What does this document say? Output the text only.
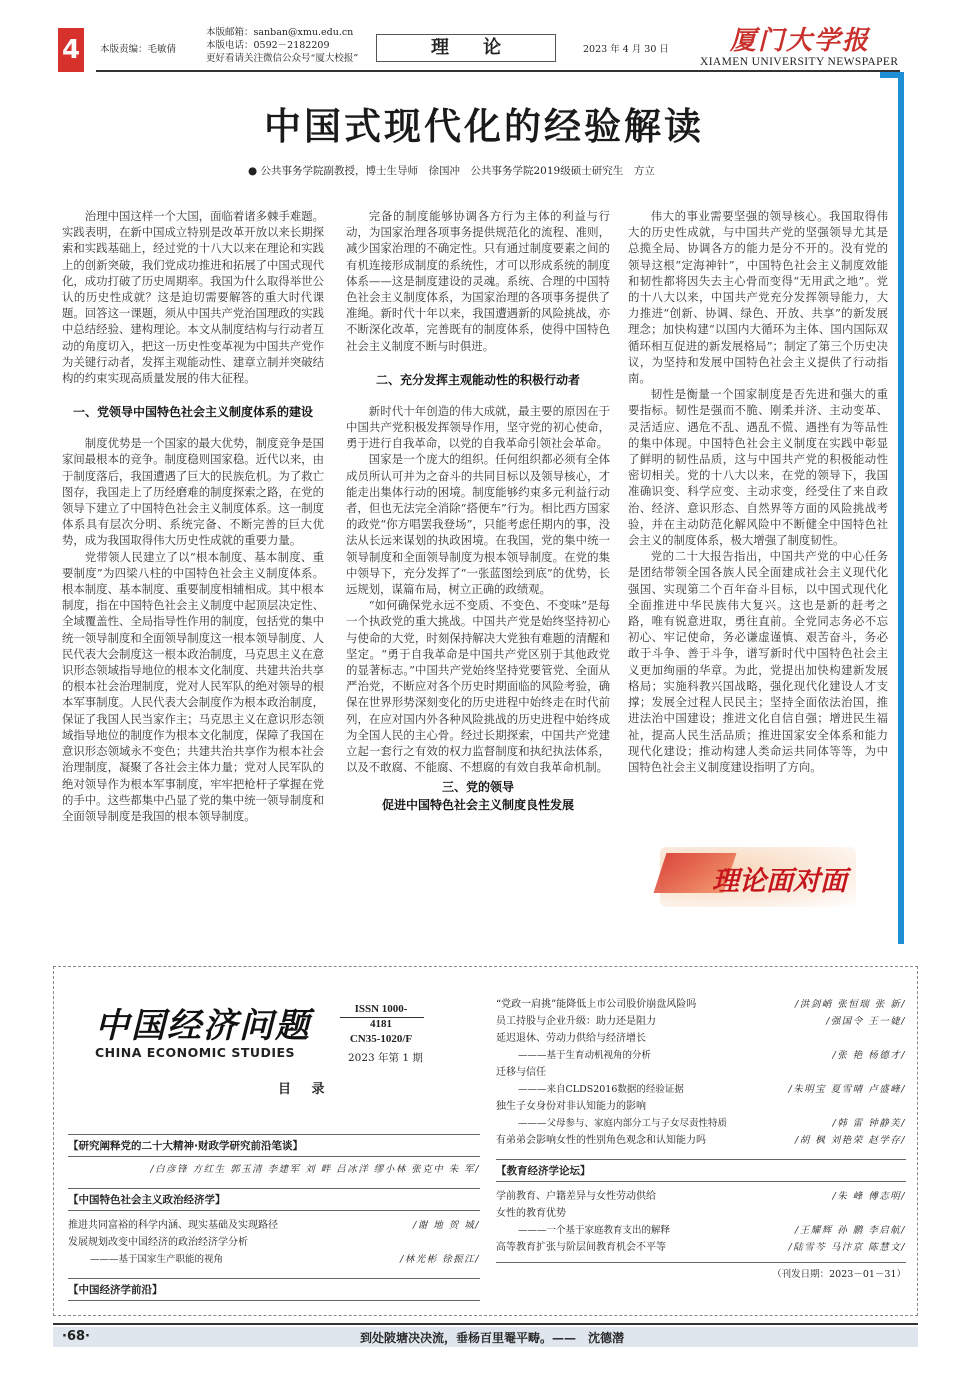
4	本版责编：毛敏倩
本版邮箱：sanban@xmu.edu.cn
本版电话：0592－2182209
更好看请关注微信公众号“厦大校报”
理论	2023 年 4 月 30 日 厦门大学报
XIAMEN UNIVERSITY NEWSPAPER
中国式现代化的经验解读
● 公共事务学院副教授，博士生导师　徐国冲　公共事务学院2019级硕士研究生　方立

治理中国这样一个大国，面临着诸多棘手难题。实践表明，在新中国成立特别是改革开放以来长期探索和实践基础上，经过党的十八大以来在理论和实践上的创新突破，我们党成功推进和拓展了中国式现代化，成功打破了历史周期率。我国为什么取得举世公认的历史性成就？这是迫切需要解答的重大时代课题。回答这一课题，须从中国共产党治国理政的实践中总结经验、建构理论。本文从制度结构与行动者互动的角度切入，把这一历史性变革视为中国共产党作为关键行动者，发挥主观能动性、建章立制并突破结构的约束实现高质量发展的伟大征程。

一、党领导中国特色社会主义制度体系的建设

制度优势是一个国家的最大优势，制度竞争是国家间最根本的竞争。制度稳则国家稳。近代以来，由于制度落后，我国遭遇了巨大的民族危机。为了救亡图存，我国走上了历经磨难的制度探索之路，在党的领导下建立了中国特色社会主义制度体系。这一制度体系具有层次分明、系统完备、不断完善的巨大优势，成为我国取得伟大历史性成就的重要力量。

党带领人民建立了以“根本制度、基本制度、重要制度”为四梁八柱的中国特色社会主义制度体系。根本制度、基本制度、重要制度相辅相成。其中根本制度，指在中国特色社会主义制度中起顶层决定性、全域覆盖性、全局指导性作用的制度，包括党的集中统一领导制度和全面领导制度这一根本领导制度、人民代表大会制度这一根本政治制度，马克思主义在意识形态领域指导地位的根本文化制度、共建共治共享的根本社会治理制度，党对人民军队的绝对领导的根本军事制度。人民代表大会制度作为根本政治制度，保证了我国人民当家作主；马克思主义在意识形态领域指导地位的制度作为根本文化制度，保障了我国在意识形态领域永不变色；共建共治共享作为根本社会治理制度，凝聚了各社会主体力量；党对人民军队的绝对领导作为根本军事制度，牢牢把枪杆子掌握在党的手中。这些都集中凸显了党的集中统一领导制度和全面领导制度是我国的根本领导制度。

完备的制度能够协调各方行为主体的利益与行动，为国家治理各项事务提供规范化的流程、准则，减少国家治理的不确定性。只有通过制度要素之间的有机连接形成制度的系统性，才可以形成系统的制度体系——这是制度建设的灵魂。系统、合理的中国特色社会主义制度体系，为国家治理的各项事务提供了准绳。新时代十年以来，我国遭遇新的风险挑战，亦不断深化改革，完善既有的制度体系，使得中国特色社会主义制度不断与时俱进。

二、充分发挥主观能动性的积极行动者

新时代十年创造的伟大成就，最主要的原因在于中国共产党积极发挥领导作用，坚守党的初心使命，勇于进行自我革命，以党的自我革命引领社会革命。

国家是一个庞大的组织。任何组织都必须有全体成员所认可并为之奋斗的共同目标以及领导核心，才能走出集体行动的困境。制度能够约束多元利益行动者，但也无法完全消除“搭便车”行为。相比西方国家的政党“你方唱罢我登场”，只能考虑任期内的事，没法从长远来谋划的执政困境。在我国，党的集中统一领导制度和全面领导制度为根本领导制度。在党的集中领导下，充分发挥了“一张蓝图绘到底”的优势，长远规划，谋篇布局，树立正确的政绩观。

“如何确保党永远不变质、不变色、不变味”是每一个执政党的重大挑战。中国共产党是始终坚持初心与使命的大党，时刻保持解决大党独有难题的清醒和坚定。“勇于自我革命是中国共产党区别于其他政党的显著标志。”中国共产党始终坚持党要管党、全面从严治党，不断应对各个历史时期面临的风险考验，确保在世界形势深刻变化的历史进程中始终走在时代前列，在应对国内外各种风险挑战的历史进程中始终成为全国人民的主心骨。经过长期探索，中国共产党建立起一套行之有效的权力监督制度和执纪执法体系，以及不敢腐、不能腐、不想腐的有效自我革命机制。

三、党的领导
促进中国特色社会主义制度良性发展

伟大的事业需要坚强的领导核心。我国取得伟大的历史性成就，与中国共产党的坚强领导尤其是总揽全局、协调各方的能力是分不开的。没有党的领导这根“定海神针”，中国特色社会主义制度效能和韧性都将因失去主心骨而变得“无用武之地”。党的十八大以来，中国共产党充分发挥领导能力，大力推进“创新、协调、绿色、开放、共享”的新发展理念；加快构建“以国内大循环为主体、国内国际双循环相互促进的新发展格局”；制定了第三个历史决议，为坚持和发展中国特色社会主义提供了行动指南。

韧性是衡量一个国家制度是否先进和强大的重要指标。韧性是强而不脆、刚柔并济、主动变革、灵活适应、遇危不乱、遇乱不慌、遇挫有为等品性的集中体现。中国特色社会主义制度在实践中彰显了鲜明的韧性品质，这与中国共产党的积极能动性密切相关。党的十八大以来，在党的领导下，我国准确识变、科学应变、主动求变，经受住了来自政治、经济、意识形态、自然界等方面的风险挑战考验，并在主动防范化解风险中不断健全中国特色社会主义的制度体系，极大增强了制度韧性。

党的二十大报告指出，中国共产党的中心任务是团结带领全国各族人民全面建成社会主义现代化强国、实现第二个百年奋斗目标，以中国式现代化全面推进中华民族伟大复兴。这也是新的赶考之路，唯有锐意进取，勇往直前。全党同志务必不忘初心、牢记使命，务必谦虚谨慎、艰苦奋斗，务必敢于斗争、善于斗争，谱写新时代中国特色社会主义更加绚丽的华章。为此，党提出加快构建新发展格局；实施科教兴国战略，强化现代化建设人才支撑；发展全过程人民民主；坚持全面依法治国，推进法治中国建设；推进文化自信自强；增进民生福祉，提高人民生活品质；推进国家安全体系和能力现代化建设；推动构建人类命运共同体等等，为中国特色社会主义制度建设指明了方向。

理论面对面
中国经济问题
CHINA ECONOMIC STUDIES
ISSN 1000-4181
CN35-1020/F
2023 年第 1 期
目 录
【研究阐释党的二十大精神·财政学研究前沿笔谈】
/白彦锋 方红生 郭玉清 李建军 刘 畔 吕冰洋 缪小林 张克中 朱 军/
【中国特色社会主义政治经济学】
推进共同富裕的科学内涵、现实基础及实现路径	/谢 地 贺 城/
发展规划改变中国经济的政治经济学分析
———基于国家生产职能的视角	/林光彬 徐振江/
【中国经济学前沿】
“党政一肩挑”能降低上市公司股价崩盘风险吗	/洪剑峭 张恒瑞 张 新/
员工持股与企业升级：助力还是阻力	/强国令 王一婕/
延迟退休、劳动力供给与经济增长
———基于生育动机视角的分析	/张 艳 杨德才/
迁移与信任
———来自CLDS2016数据的经验证据	/朱明宝 夏雪晴 卢盛峰/
独生子女身份对非认知能力的影响
———父母参与、家庭内部分工与子女尽责性特质	/韩 雷 钟静芙/
有弟弟会影响女性的性别角色观念和认知能力吗	/胡 枫 刘艳荣 赵学存/
【教育经济学论坛】
学前教育、户籍差异与女性劳动供给	/朱 峰 傅志明/
女性的教育优势
———一个基于家庭教育支出的解释	/王耀辉 孙 鹏 李启航/
高等教育扩张与阶层间教育机会不平等	/陆雪芩 马汴京 陈慧文/
（刊发日期：2023－01－31）
·68·	到处陂塘决决流，垂杨百里罨平畴。——　沈德潜
